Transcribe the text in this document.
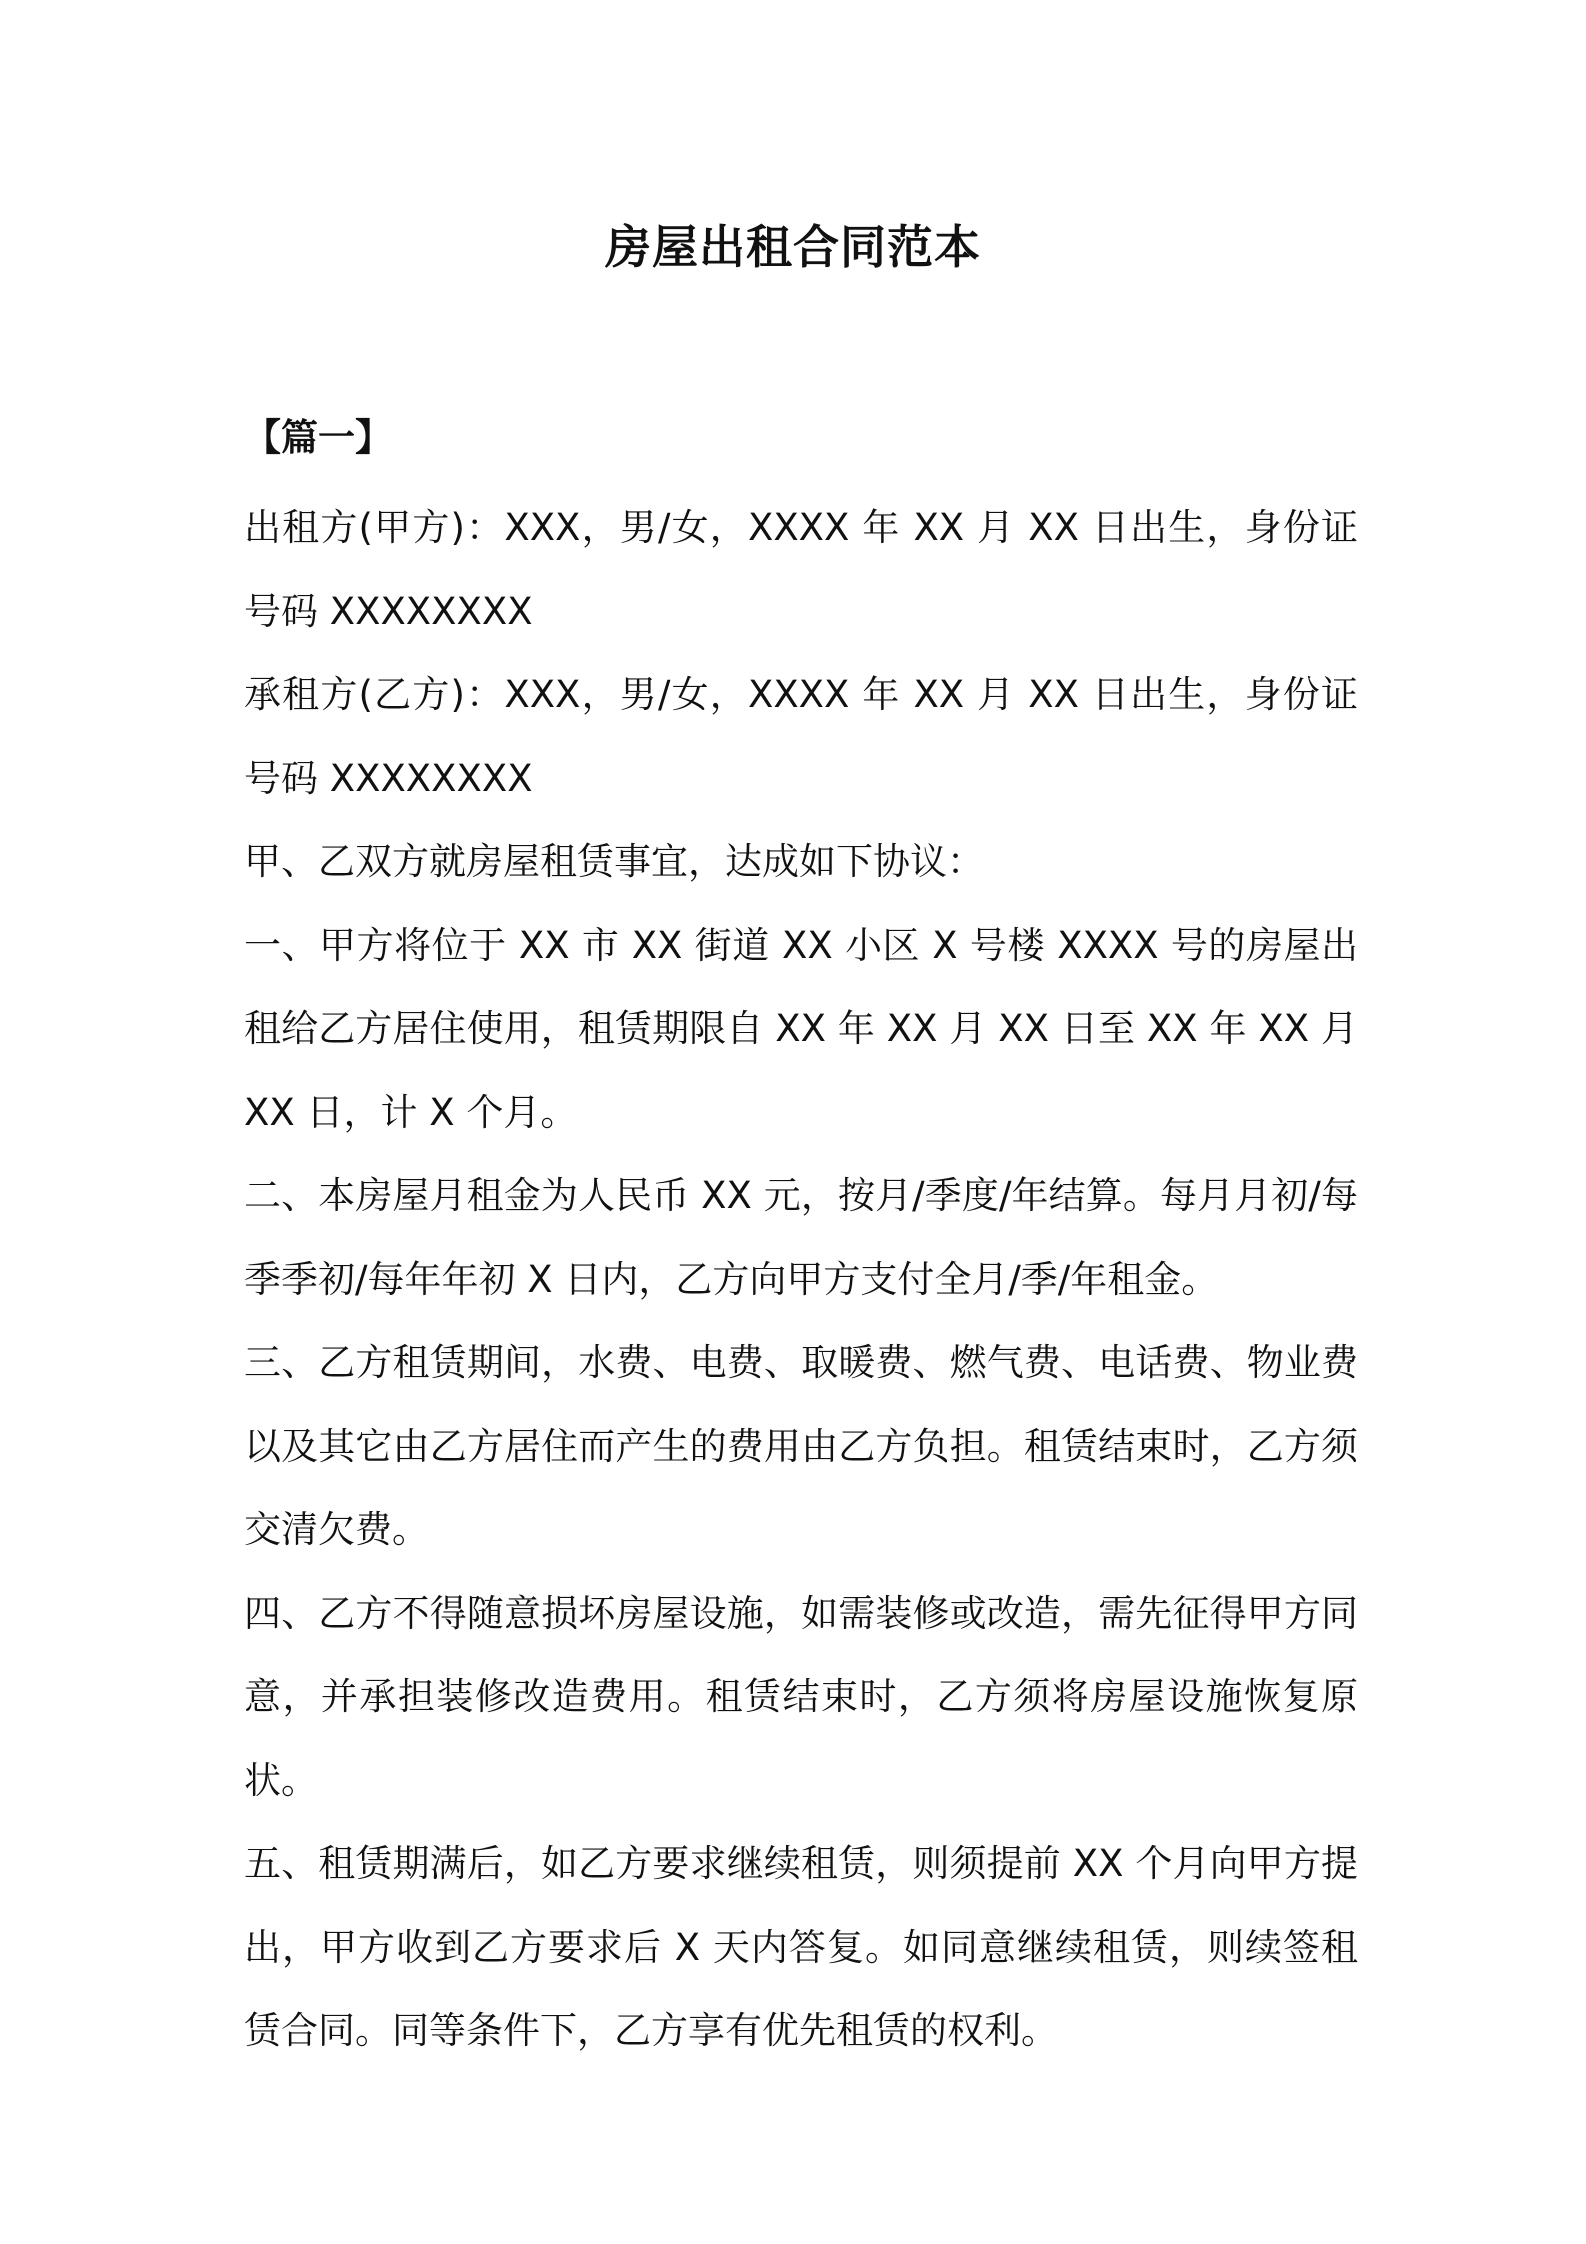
房屋出租合同范本
【篇一】

出租方(甲方)：XXX，男/女，XXXX 年 XX 月 XX 日出生，身份证号码 XXXXXXXX

承租方(乙方)：XXX，男/女，XXXX 年 XX 月 XX 日出生，身份证号码 XXXXXXXX

甲、乙双方就房屋租赁事宜，达成如下协议：

一、甲方将位于 XX 市 XX 街道 XX 小区 X 号楼 XXXX 号的房屋出租给乙方居住使用，租赁期限自 XX 年 XX 月 XX 日至 XX 年 XX 月 XX 日，计 X 个月。

二、本房屋月租金为人民币 XX 元，按月/季度/年结算。每月月初/每季季初/每年年初 X 日内，乙方向甲方支付全月/季/年租金。

三、乙方租赁期间，水费、电费、取暖费、燃气费、电话费、物业费以及其它由乙方居住而产生的费用由乙方负担。租赁结束时，乙方须交清欠费。

四、乙方不得随意损坏房屋设施，如需装修或改造，需先征得甲方同意，并承担装修改造费用。租赁结束时，乙方须将房屋设施恢复原状。

五、租赁期满后，如乙方要求继续租赁，则须提前 XX 个月向甲方提出，甲方收到乙方要求后 X 天内答复。如同意继续租赁，则续签租赁合同。同等条件下，乙方享有优先租赁的权利。
